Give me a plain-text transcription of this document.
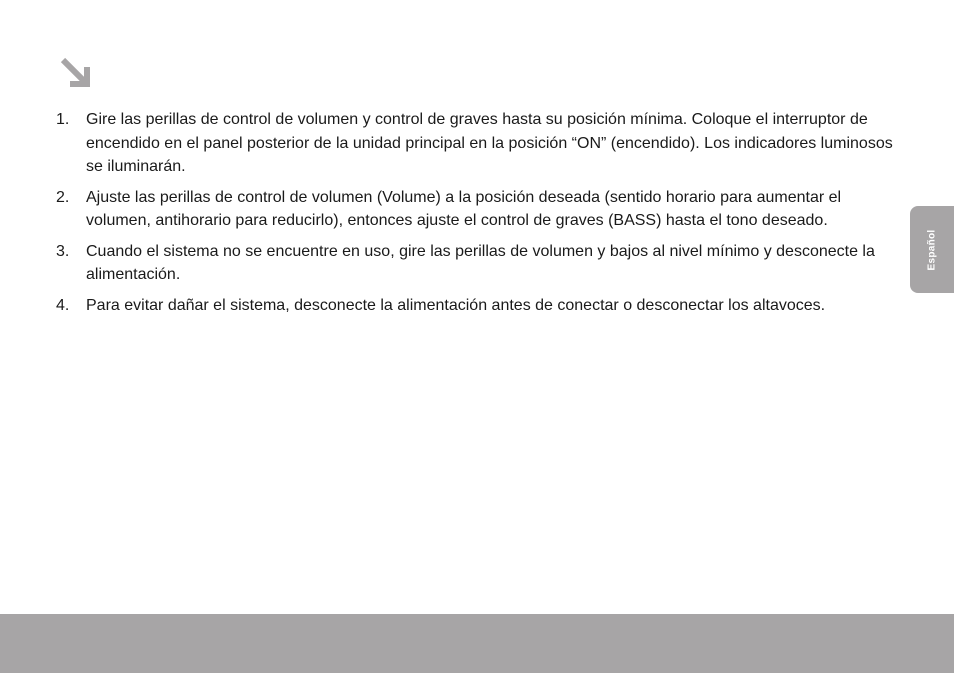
1. Gire las perillas de control de volumen y control de graves hasta su posición mínima. Coloque el interruptor de encendido en el panel posterior de la unidad principal en la posición “ON” (encendido). Los indicadores luminosos se iluminarán.
2. Ajuste las perillas de control de volumen (Volume) a la posición deseada (sentido horario para aumentar el volumen, antihorario para reducirlo), entonces ajuste el control de graves (BASS) hasta el tono deseado.
3. Cuando el sistema no se encuentre en uso, gire las perillas de volumen y bajos al nivel mínimo y desconecte la alimentación.
4. Para evitar dañar el sistema, desconecte la alimentación antes de conectar o desconectar los altavoces.
Español
